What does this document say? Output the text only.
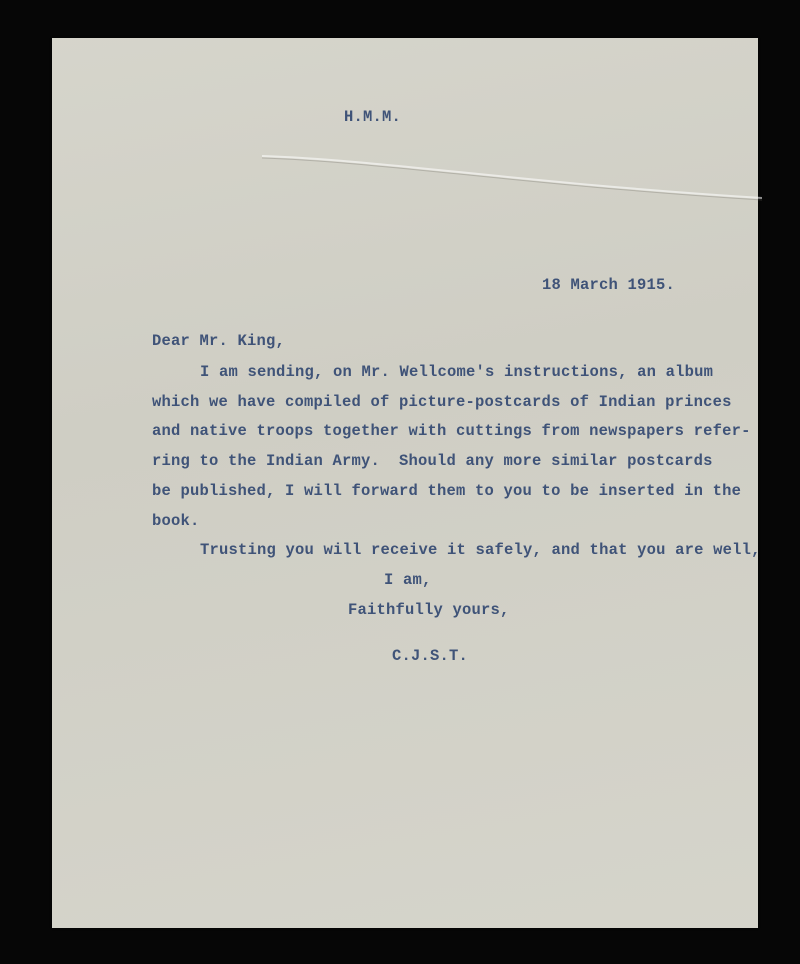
H.M.M.
18 March 1915.
Dear Mr. King,
I am sending, on Mr. Wellcome's instructions, an album
which we have compiled of picture-postcards of Indian princes
and native troops together with cuttings from newspapers refer-
ring to the Indian Army.  Should any more similar postcards
be published, I will forward them to you to be inserted in the
book.
Trusting you will receive it safely, and that you are well,
I am,
Faithfully yours,
C.J.S.T.
